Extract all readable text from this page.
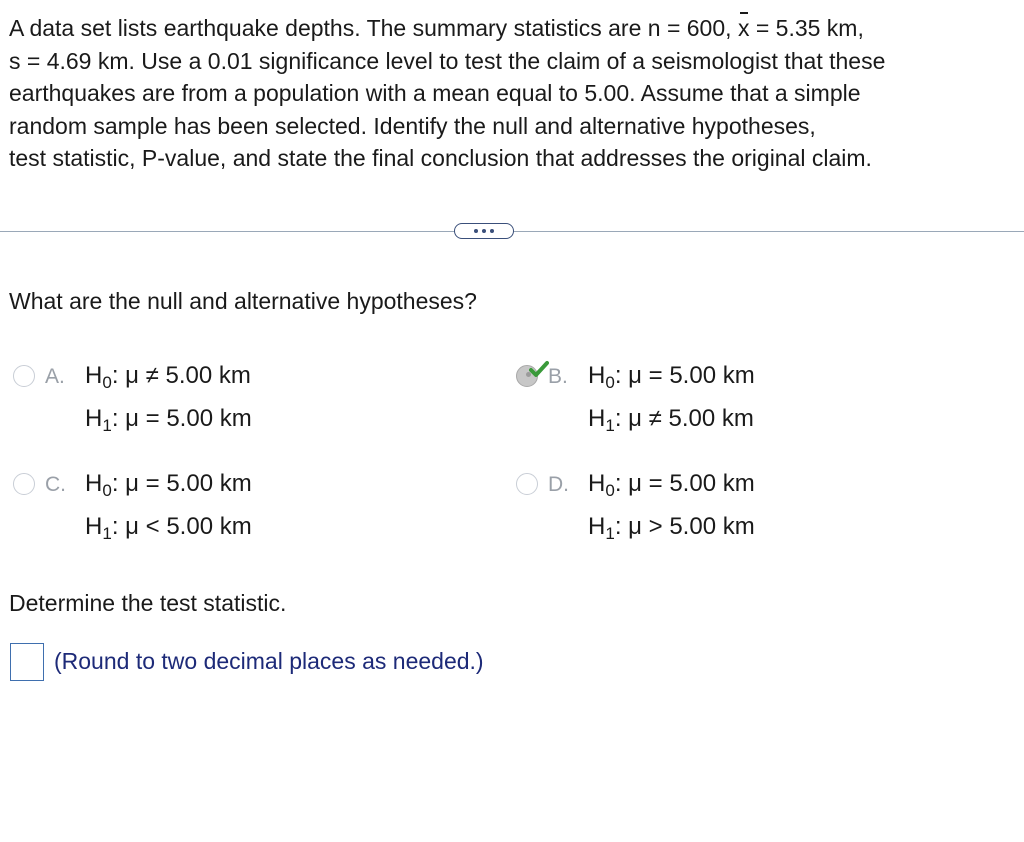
A data set lists earthquake depths. The summary statistics are n = 600, x = 5.35 km,

s = 4.69 km. Use a 0.01 significance level to test the claim of a seismologist that these

earthquakes are from a population with a mean equal to 5.00. Assume that a simple

random sample has been selected. Identify the null and alternative hypotheses,

test statistic, P-value, and state the final conclusion that addresses the original claim.

What are the null and alternative hypotheses?

A. $H_0$: μ ≠ 5.00 km
$H_1$: μ = 5.00 km
B. $H_0$: μ = 5.00 km
$H_1$: μ ≠ 5.00 km
C. $H_0$: μ = 5.00 km
$H_1$: μ < 5.00 km
D. $H_0$: μ = 5.00 km
$H_1$: μ > 5.00 km

Determine the test statistic.

(Round to two decimal places as needed.)
